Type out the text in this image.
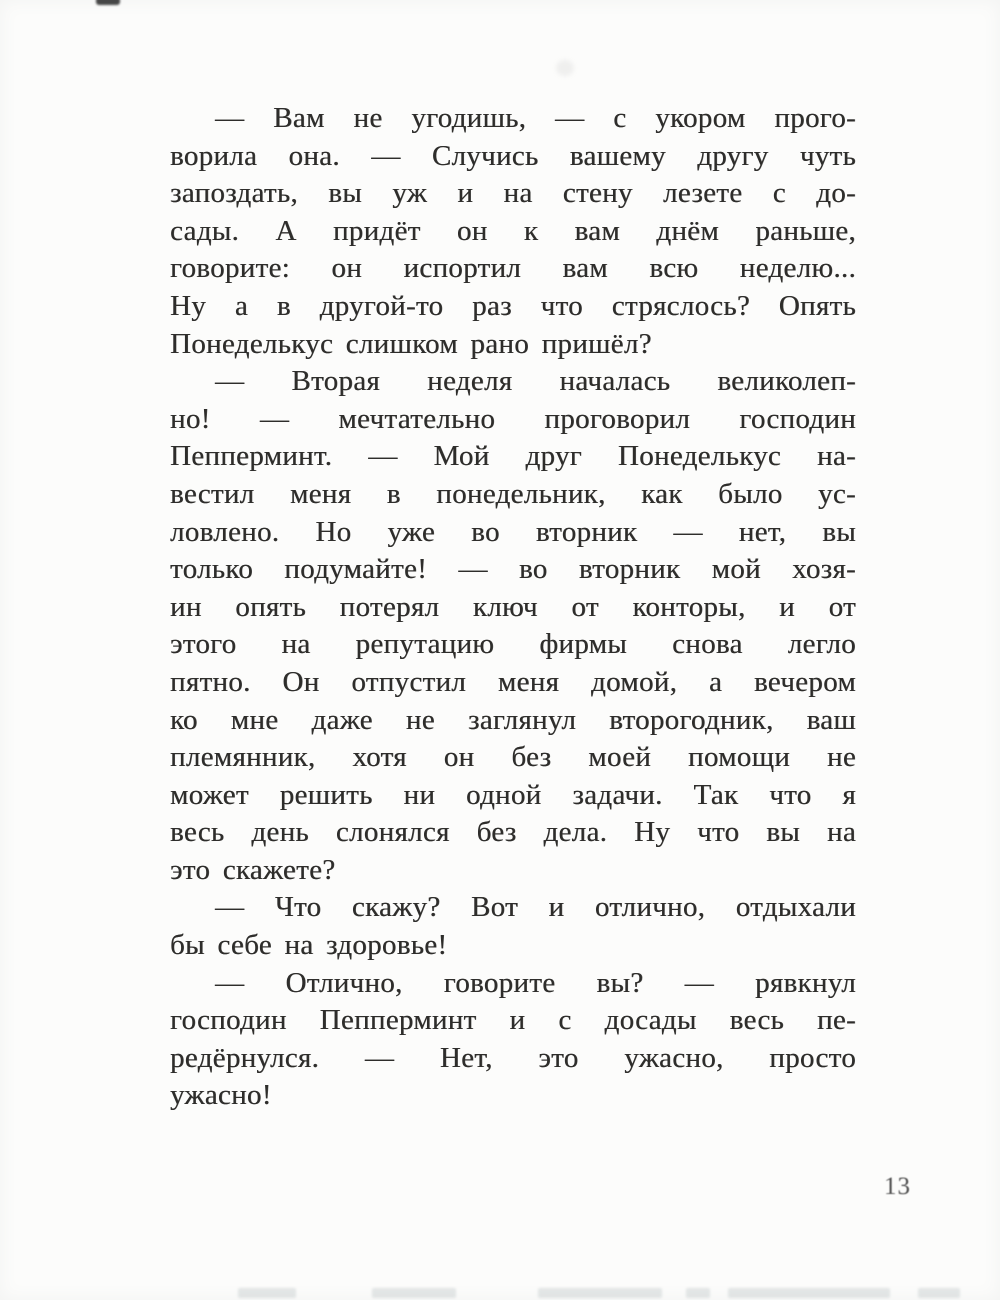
— Вам не угодишь, — с укором прого-
ворила она. — Случись вашему другу чуть
запоздать, вы уж и на стену лезете с до-
сады. А придёт он к вам днём раньше,
говорите: он испортил вам всю неделю...
Ну а в другой-то раз что стряслось? Опять
Понеделькус слишком рано пришёл?
— Вторая неделя началась великолеп-
но! — мечтательно проговорил господин
Пепперминт. — Мой друг Понеделькус на-
вестил меня в понедельник, как было ус-
ловлено. Но уже во вторник — нет, вы
только подумайте! — во вторник мой хозя-
ин опять потерял ключ от конторы, и от
этого на репутацию фирмы снова легло
пятно. Он отпустил меня домой, а вечером
ко мне даже не заглянул второгодник, ваш
племянник, хотя он без моей помощи не
может решить ни одной задачи. Так что я
весь день слонялся без дела. Ну что вы на
это скажете?
— Что скажу? Вот и отлично, отдыхали
бы себе на здоровье!
— Отлично, говорите вы? — рявкнул
господин Пепперминт и с досады весь пе-
редёрнулся. — Нет, это ужасно, просто
ужасно!
13
